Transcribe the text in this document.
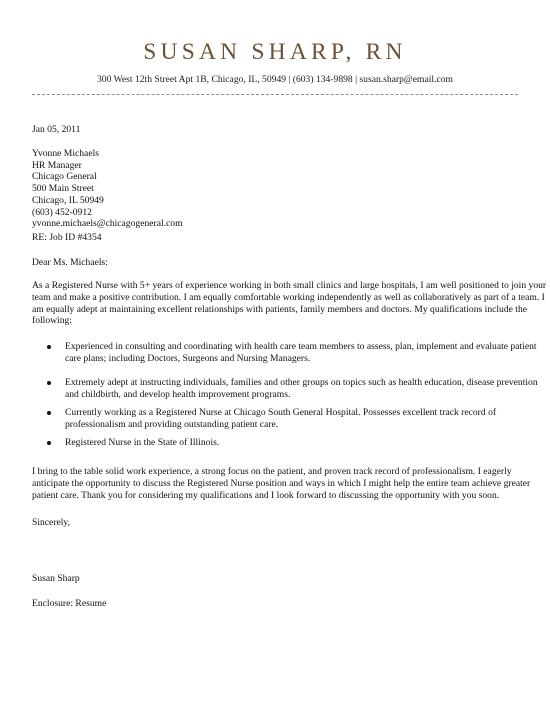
SUSAN SHARP, RN
300 West 12th Street Apt 1B, Chicago, IL, 50949 | (603) 134-9898 | susan.sharp@email.com
Jan 05, 2011
Yvonne Michaels
HR Manager
Chicago General
500 Main Street
Chicago, IL 50949
(603) 452-0912
yvonne.michaels@chicagogeneral.com
RE: Job ID #4354
Dear Ms. Michaels:
As a Registered Nurse with 5+ years of experience working in both small clinics and large hospitals, I am well positioned to join your
team and make a positive contribution. I am equally comfortable working independently as well as collaboratively as part of a team. I
am equally adept at maintaining excellent relationships with patients, family members and doctors. My qualifications include the
following:
Experienced in consulting and coordinating with health care team members to assess, plan, implement and evaluate patient
care plans; including Doctors, Surgeons and Nursing Managers.
Extremely adept at instructing individuals, families and other groups on topics such as health education, disease prevention
and childbirth, and develop health improvement programs.
Currently working as a Registered Nurse at Chicago South General Hospital. Possesses excellent track record of
professionalism and providing outstanding patient care.
Registered Nurse in the State of Illinois.
I bring to the table solid work experience, a strong focus on the patient, and proven track record of professionalism. I eagerly
anticipate the opportunity to discuss the Registered Nurse position and ways in which I might help the entire team achieve greater
patient care. Thank you for considering my qualifications and I look forward to discussing the opportunity with you soon.
Sincerely,
Susan Sharp
Enclosure: Resume
